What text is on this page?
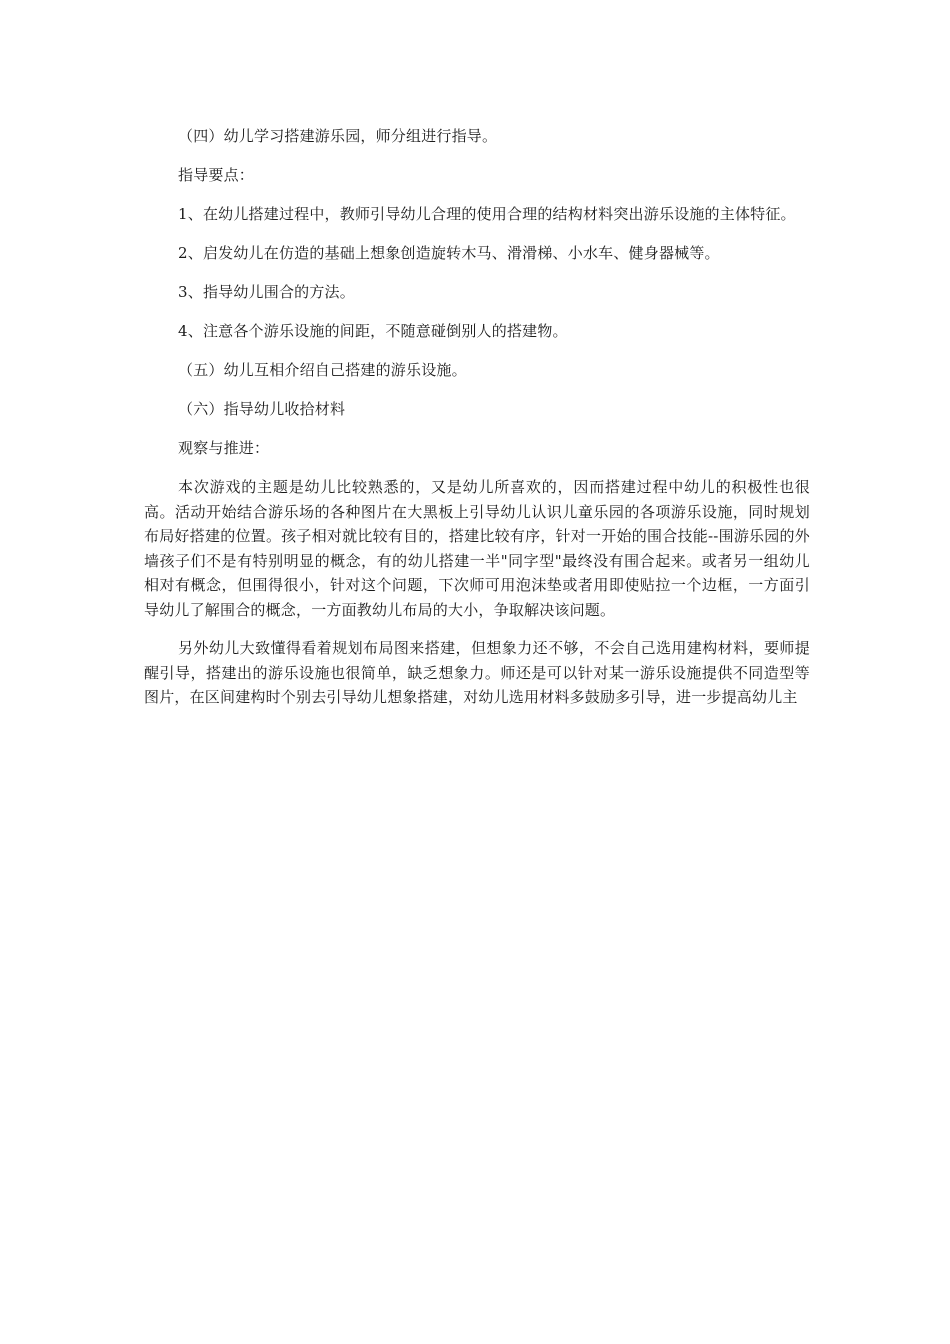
（四）幼儿学习搭建游乐园，师分组进行指导。

指导要点：

1、在幼儿搭建过程中，教师引导幼儿合理的使用合理的结构材料突出游乐设施的主体特征。

2、启发幼儿在仿造的基础上想象创造旋转木马、滑滑梯、小水车、健身器械等。

3、指导幼儿围合的方法。

4、注意各个游乐设施的间距，不随意碰倒别人的搭建物。

（五）幼儿互相介绍自己搭建的游乐设施。

（六）指导幼儿收拾材料

观察与推进：

本次游戏的主题是幼儿比较熟悉的，又是幼儿所喜欢的，因而搭建过程中幼儿的积极性也很高。活动开始结合游乐场的各种图片在大黑板上引导幼儿认识儿童乐园的各项游乐设施，同时规划布局好搭建的位置。孩子相对就比较有目的，搭建比较有序，针对一开始的围合技能--围游乐园的外墙孩子们不是有特别明显的概念，有的幼儿搭建一半"同字型"最终没有围合起来。或者另一组幼儿相对有概念，但围得很小，针对这个问题，下次师可用泡沫垫或者用即使贴拉一个边框，一方面引导幼儿了解围合的概念，一方面教幼儿布局的大小，争取解决该问题。

另外幼儿大致懂得看着规划布局图来搭建，但想象力还不够，不会自己选用建构材料，要师提醒引导，搭建出的游乐设施也很简单，缺乏想象力。师还是可以针对某一游乐设施提供不同造型等图片，在区间建构时个别去引导幼儿想象搭建，对幼儿选用材料多鼓励多引导，进一步提高幼儿主
